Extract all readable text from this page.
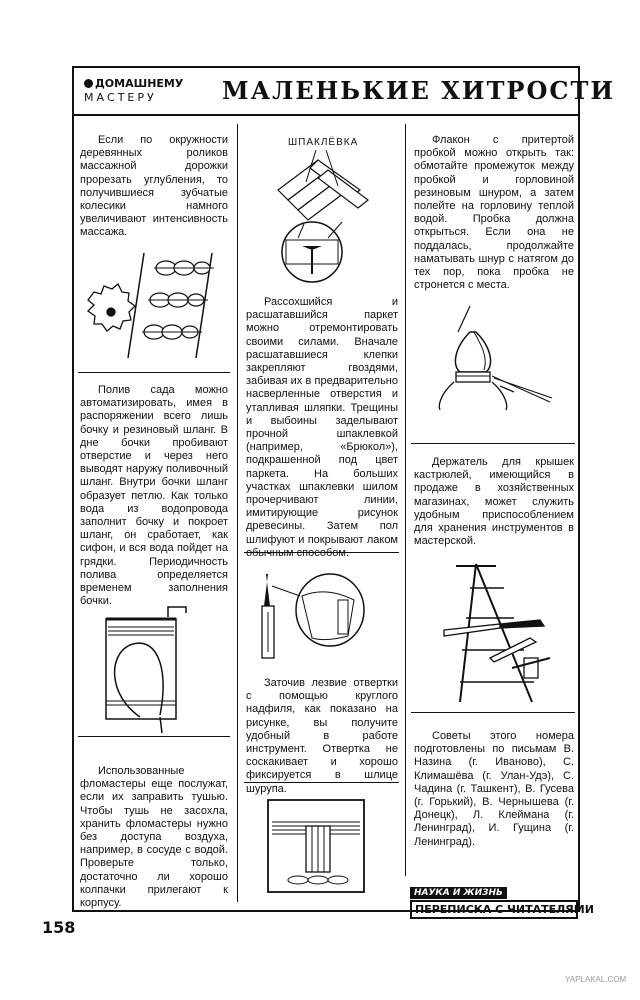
ДОМАШНЕМУ
МАСТЕРУ	МАЛЕНЬКИЕ ХИТРОСТИ

Если по окружности деревянных роликов массажной дорожки прорезать углубления, то получившиеся зубчатые колесики намного увеличивают интенсивность массажа.

Полив сада можно автоматизировать, имея в распоряжении всего лишь бочку и резиновый шланг. В дне бочки пробивают отверстие и через него выводят наружу поливочный шланг. Внутри бочки шланг образует петлю. Как только вода из водопровода заполнит бочку и покроет шланг, он сработает, как сифон, и вся вода пойдет на грядки. Периодичность полива определяется временем заполнения бочки.

Использованные фломастеры еще послужат, если их заправить тушью. Чтобы тушь не засохла, хранить фломастеры нужно без доступа воздуха, например, в сосуде с водой. Проверьте только, достаточно ли хорошо колпачки прилегают к корпусу.

ШПАКЛЁВКА

Рассохшийся и расшатавшийся паркет можно отремонтировать своими силами. Вначале расшатавшиеся клепки закрепляют гвоздями, забивая их в предварительно насверленные отверстия и утапливая шляпки. Трещины и выбоины заделывают прочной шпаклевкой (например, «Брюкол»), подкрашенной под цвет паркета. На больших участках шпаклевки шилом прочерчивают линии, имитирующие рисунок древесины. Затем пол шлифуют и покрывают лаком обычным способом.

Заточив лезвие отвертки с помощью круглого надфиля, как показано на рисунке, вы получите удобный в работе инструмент. Отвертка не соскакивает и хорошо фиксируется в шлице шурупа.

Флакон с притертой пробкой можно открыть так: обмотайте промежуток между пробкой и горловиной резиновым шнуром, а затем полейте на горловину теплой водой. Пробка должна открыться. Если она не поддалась, продолжайте наматывать шнур с натягом до тех пор, пока пробка не стронется с места.

Держатель для крышек кастрюлей, имеющийся в продаже в хозяйственных магазинах, может служить удобным приспособлением для хранения инструментов в мастерской.

Советы этого номера подготовлены по письмам В. Назина (г. Иваново), С. Климашёва (г. Улан-Удэ), С. Чадина (г. Ташкент), В. Гусева (г. Горький), В. Чернышева (г. Донецк), Л. Клеймана (г. Ленинград), И. Гущина (г. Ленинград).

НАУКА И ЖИЗНЬ
ПЕРЕПИСКА С ЧИТАТЕЛЯМИ
158
YAPLAKAL.COM
